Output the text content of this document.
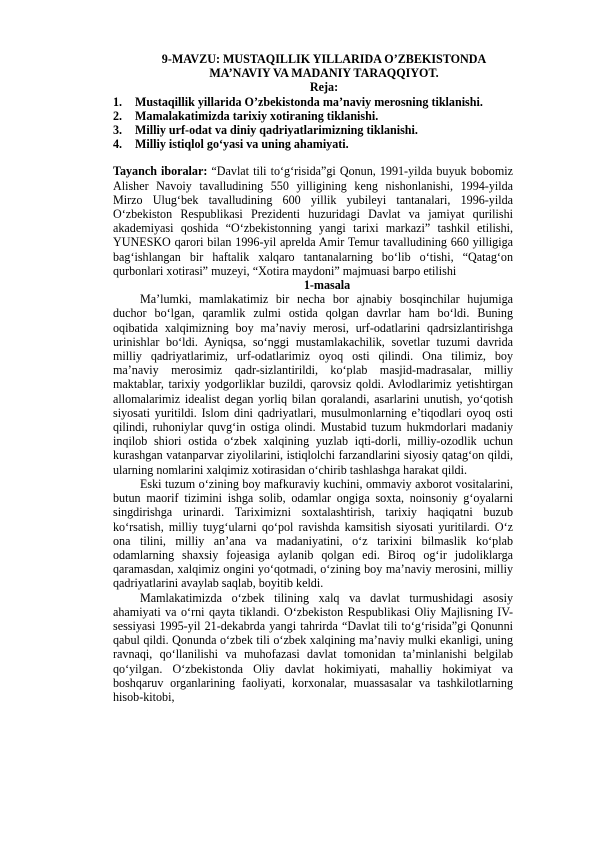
9-MAVZU: MUSTAQILLIK YILLARIDA O’ZBEKISTONDA
MA’NAVIY VA MADANIY TARAQQIYOT.
Reja:
1.	Mustaqillik yillarida O’zbekistonda ma’naviy merosning tiklanishi.
2.	Mamalakatimizda tarixiy xotiraning tiklanishi.
3.	Milliy urf-odat va diniy qadriyatlarimizning tiklanishi.
4.	Milliy istiqlol go‘yasi va uning ahamiyati.

Tayanch iboralar: “Davlat tili to‘g‘risida”gi Qonun, 1991-yilda buyuk bobomiz Alisher Navoiy tavalludining 550 yilligining keng nishonlanishi, 1994-yilda Mirzo Ulug‘bek tavalludining 600 yillik yubileyi tantanalari, 1996-yilda O‘zbekiston Respublikasi Prezidenti huzuridagi Davlat va jamiyat qurilishi akademiyasi qoshida “O‘zbekistonning yangi tarixi markazi” tashkil etilishi, YUNESKO qarori bilan 1996-yil aprelda Amir Temur tavalludining 660 yilligiga bag‘ishlangan bir haftalik xalqaro tantanalarning bo‘lib o‘tishi, “Qatag‘on qurbonlari xotirasi” muzeyi, “Xotira maydoni” majmuasi barpo etilishi

1-masala

Ma’lumki, mamlakatimiz bir necha bor ajnabiy bosqinchilar hujumiga duchor bo‘lgan, qaramlik zulmi ostida qolgan davrlar ham bo‘ldi. Buning oqibatida xalqimizning boy ma’naviy merosi, urf-odatlarini qadrsizlantirishga urinishlar bo‘ldi. Ayniqsa, so‘nggi mustamlakachilik, sovetlar tuzumi davrida milliy qadriyatlarimiz, urf-odatlarimiz oyoq osti qilindi. Ona tilimiz, boy ma’naviy merosimiz qadr-sizlantirildi, ko‘plab masjid-madrasalar, milliy maktablar, tarixiy yodgorliklar buzildi, qarovsiz qoldi. Avlodlarimiz yetishtirgan allomalarimiz idealist degan yorliq bilan qoralandi, asarlarini unutish, yo‘qotish siyosati yuritildi. Islom dini qadriyatlari, musulmonlarning e’tiqodlari oyoq osti qilindi, ruhoniylar quvg‘in ostiga olindi. Mustabid tuzum hukmdorlari madaniy inqilob shiori ostida o‘zbek xalqining yuzlab iqti-dorli, milliy-ozodlik uchun kurashgan vatanparvar ziyolilarini, istiqlolchi farzandlarini siyosiy qatag‘on qildi, ularning nomlarini xalqimiz xotirasidan o‘chirib tashlashga harakat qildi.

Eski tuzum o‘zining boy mafkuraviy kuchini, ommaviy axborot vositalarini, butun maorif tizimini ishga solib, odamlar ongiga soxta, noinsoniy g‘oyalarni singdirishga urinardi. Tariximizni soxtalashtirish, tarixiy haqiqatni buzub ko‘rsatish, milliy tuyg‘ularni qo‘pol ravishda kamsitish siyosati yuritilardi. O‘z ona tilini, milliy an’ana va madaniyatini, o‘z tarixini bilmaslik ko‘plab odamlarning shaxsiy fojeasiga aylanib qolgan edi. Biroq og‘ir judoliklarga qaramasdan, xalqimiz ongini yo‘qotmadi, o‘zining boy ma’naviy merosini, milliy qadriyatlarini avaylab saqlab, boyitib keldi.

Mamlakatimizda o‘zbek tilining xalq va davlat turmushidagi asosiy ahamiyati va o‘rni qayta tiklandi. O‘zbekiston Respublikasi Oliy Majlisning IV-sessiyasi 1995-yil 21-dekabrda yangi tahrirda “Davlat tili to‘g‘risida”gi Qonunni qabul qildi. Qonunda o‘zbek tili o‘zbek xalqining ma’naviy mulki ekanligi, uning ravnaqi, qo‘llanilishi va muhofazasi davlat tomonidan ta’minlanishi belgilab qo‘yilgan. O‘zbekistonda Oliy davlat hokimiyati, mahalliy hokimiyat va boshqaruv organlarining faoliyati, korxonalar, muassasalar va tashkilotlarning hisob-kitobi,
